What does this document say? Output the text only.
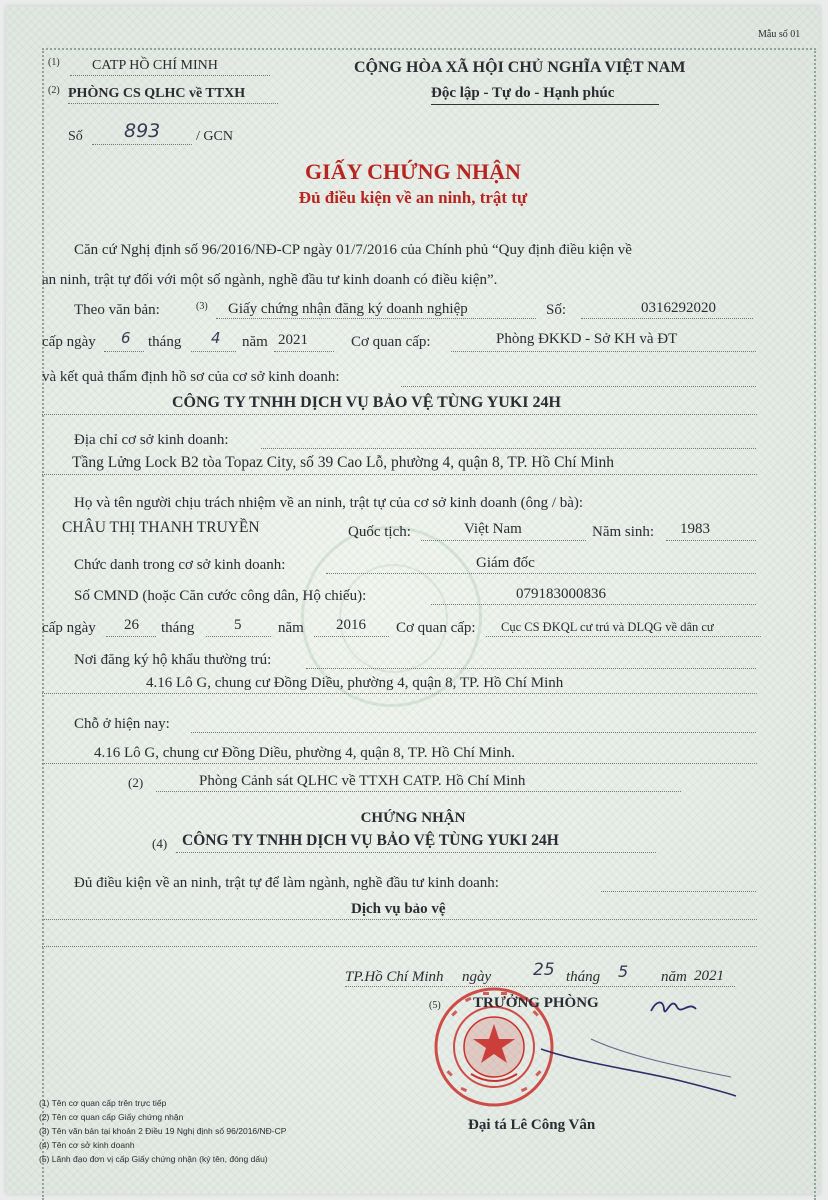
Mẫu số 01
(1) CATP HỒ CHÍ MINH
(2) PHÒNG CS QLHC về TTXH
CỘNG HÒA XÃ HỘI CHỦ NGHĨA VIỆT NAM
Độc lập - Tự do - Hạnh phúc
Số 893	/ GCN
GIẤY CHỨNG NHẬN
Đủ điều kiện về an ninh, trật tự
Căn cứ Nghị định số 96/2016/NĐ-CP ngày 01/7/2016 của Chính phủ “Quy định điều kiện về
an ninh, trật tự đối với một số ngành, nghề đầu tư kinh doanh có điều kiện”.
Theo văn bản:	(3) Giấy chứng nhận đăng ký doanh nghiệp	Số:	0316292020
cấp ngày 6 tháng 4 năm 2021	Cơ quan cấp:	Phòng ĐKKD - Sở KH và ĐT
và kết quả thẩm định hồ sơ của cơ sở kinh doanh:
CÔNG TY TNHH DỊCH VỤ BẢO VỆ TÙNG YUKI 24H
Địa chỉ cơ sở kinh doanh:
Tầng Lửng Lock B2 tòa Topaz City, số 39 Cao Lỗ, phường 4, quận 8, TP. Hồ Chí Minh
Họ và tên người chịu trách nhiệm về an ninh, trật tự của cơ sở kinh doanh (ông / bà):
CHÂU THỊ THANH TRUYỀN	Quốc tịch:	Việt Nam	Năm sinh: 1983
Chức danh trong cơ sở kinh doanh:	Giám đốc
Số CMND (hoặc Căn cước công dân, Hộ chiếu):	079183000836
cấp ngày 26 tháng	5 năm 2016 Cơ quan cấp: Cục CS ĐKQL cư trú và DLQG về dân cư
Nơi đăng ký hộ khẩu thường trú:
4.16 Lô G, chung cư Đồng Diều, phường 4, quận 8, TP. Hồ Chí Minh
Chỗ ở hiện nay:
4.16 Lô G, chung cư Đồng Diều, phường 4, quận 8, TP. Hồ Chí Minh.
(2)	Phòng Cảnh sát QLHC về TTXH CATP. Hồ Chí Minh
CHỨNG NHẬN
(4) CÔNG TY TNHH DỊCH VỤ BẢO VỆ TÙNG YUKI 24H
Đủ điều kiện về an ninh, trật tự để làm ngành, nghề đầu tư kinh doanh:
Dịch vụ bảo vệ
TP.Hồ Chí Minh ngày 25 tháng 5 năm 2021
(5) TRƯỞNG PHÒNG
Đại tá Lê Công Vân
(1) Tên cơ quan cấp trên trực tiếp
(2) Tên cơ quan cấp Giấy chứng nhận
(3) Tên văn bản tại khoản 2 Điều 19 Nghị định số 96/2016/NĐ-CP
(4) Tên cơ sở kinh doanh
(5) Lãnh đạo đơn vị cấp Giấy chứng nhận (ký tên, đóng dấu)
